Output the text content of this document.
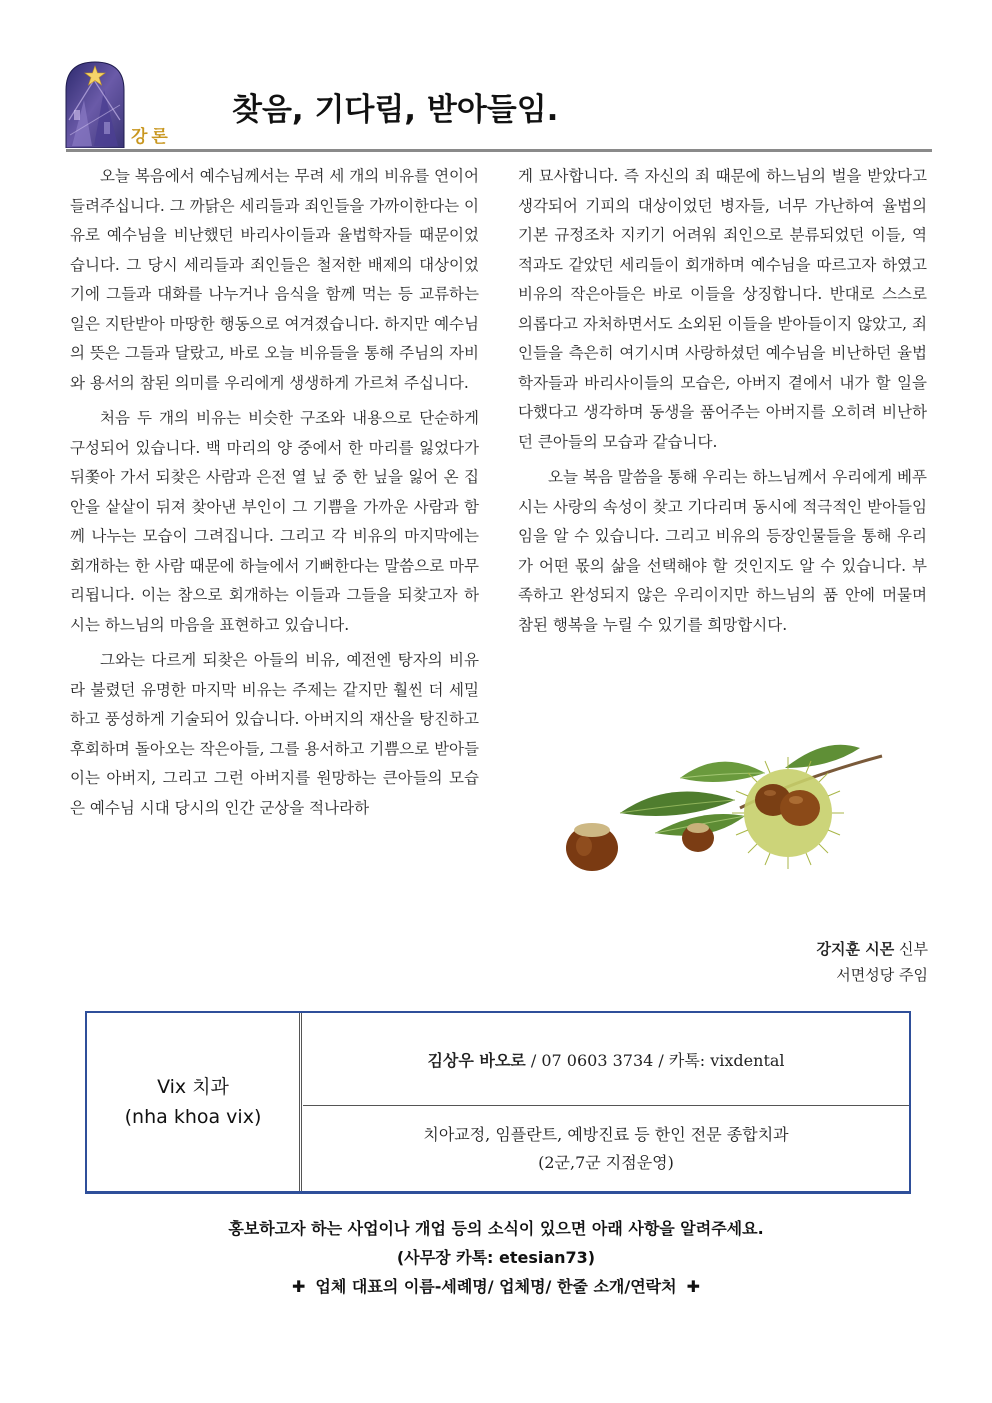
강론
찾음, 기다림, 받아들임.

오늘 복음에서 예수님께서는 무려 세 개의 비유를 연이어 들려주십니다. 그 까닭은 세리들과 죄인들을 가까이한다는 이유로 예수님을 비난했던 바리사이들과 율법학자들 때문이었습니다. 그 당시 세리들과 죄인들은 철저한 배제의 대상이었기에 그들과 대화를 나누거나 음식을 함께 먹는 등 교류하는 일은 지탄받아 마땅한 행동으로 여겨졌습니다. 하지만 예수님의 뜻은 그들과 달랐고, 바로 오늘 비유들을 통해 주님의 자비와 용서의 참된 의미를 우리에게 생생하게 가르쳐 주십니다.

처음 두 개의 비유는 비슷한 구조와 내용으로 단순하게 구성되어 있습니다. 백 마리의 양 중에서 한 마리를 잃었다가 뒤쫓아 가서 되찾은 사람과 은전 열 닢 중 한 닢을 잃어 온 집안을 샅샅이 뒤져 찾아낸 부인이 그 기쁨을 가까운 사람과 함께 나누는 모습이 그려집니다. 그리고 각 비유의 마지막에는 회개하는 한 사람 때문에 하늘에서 기뻐한다는 말씀으로 마무리됩니다. 이는 참으로 회개하는 이들과 그들을 되찾고자 하시는 하느님의 마음을 표현하고 있습니다.

그와는 다르게 되찾은 아들의 비유, 예전엔 탕자의 비유라 불렸던 유명한 마지막 비유는 주제는 같지만 훨씬 더 세밀하고 풍성하게 기술되어 있습니다. 아버지의 재산을 탕진하고 후회하며 돌아오는 작은아들, 그를 용서하고 기쁨으로 받아들이는 아버지, 그리고 그런 아버지를 원망하는 큰아들의 모습은 예수님 시대 당시의 인간 군상을 적나라하

게 묘사합니다. 즉 자신의 죄 때문에 하느님의 벌을 받았다고 생각되어 기피의 대상이었던 병자들, 너무 가난하여 율법의 기본 규정조차 지키기 어려워 죄인으로 분류되었던 이들, 역적과도 같았던 세리들이 회개하며 예수님을 따르고자 하였고 비유의 작은아들은 바로 이들을 상징합니다. 반대로 스스로 의롭다고 자처하면서도 소외된 이들을 받아들이지 않았고, 죄인들을 측은히 여기시며 사랑하셨던 예수님을 비난하던 율법학자들과 바리사이들의 모습은, 아버지 곁에서 내가 할 일을 다했다고 생각하며 동생을 품어주는 아버지를 오히려 비난하던 큰아들의 모습과 같습니다.

오늘 복음 말씀을 통해 우리는 하느님께서 우리에게 베푸시는 사랑의 속성이 찾고 기다리며 동시에 적극적인 받아들임임을 알 수 있습니다. 그리고 비유의 등장인물들을 통해 우리가 어떤 몫의 삶을 선택해야 할 것인지도 알 수 있습니다. 부족하고 완성되지 않은 우리이지만 하느님의 품 안에 머물며 참된 행복을 누릴 수 있기를 희망합시다.

강지훈 시몬 신부
서면성당 주임
Vix 치과
(nha khoa vix)
김상우 바오로 / 07 0603 3734 / 카톡: vixdental
치아교정, 임플란트, 예방진료 등 한인 전문 종합치과
(2군,7군 지점운영)
홍보하고자 하는 사업이나 개업 등의 소식이 있으면 아래 사항을 알려주세요.
(사무장 카톡: etesian73)
✚ 업체 대표의 이름-세례명/ 업체명/ 한줄 소개/연락처 ✚
